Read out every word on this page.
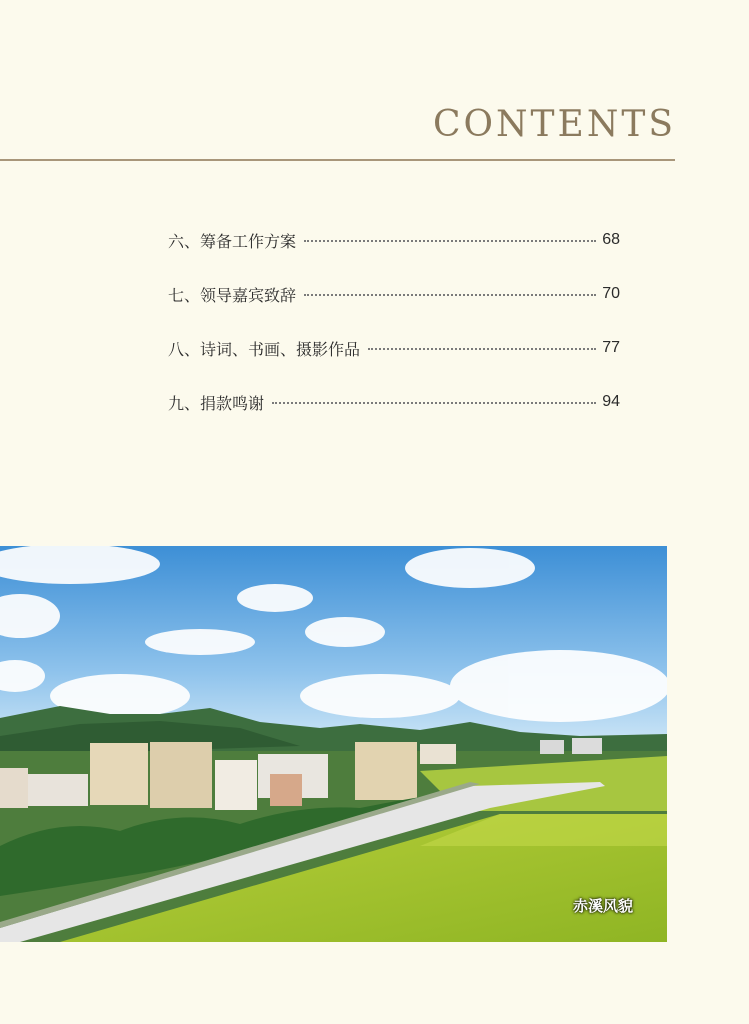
CONTENTS
六、筹备工作方案	68
七、领导嘉宾致辞	70
八、诗词、书画、摄影作品	77
九、捐款鸣谢	94
赤溪风貌
